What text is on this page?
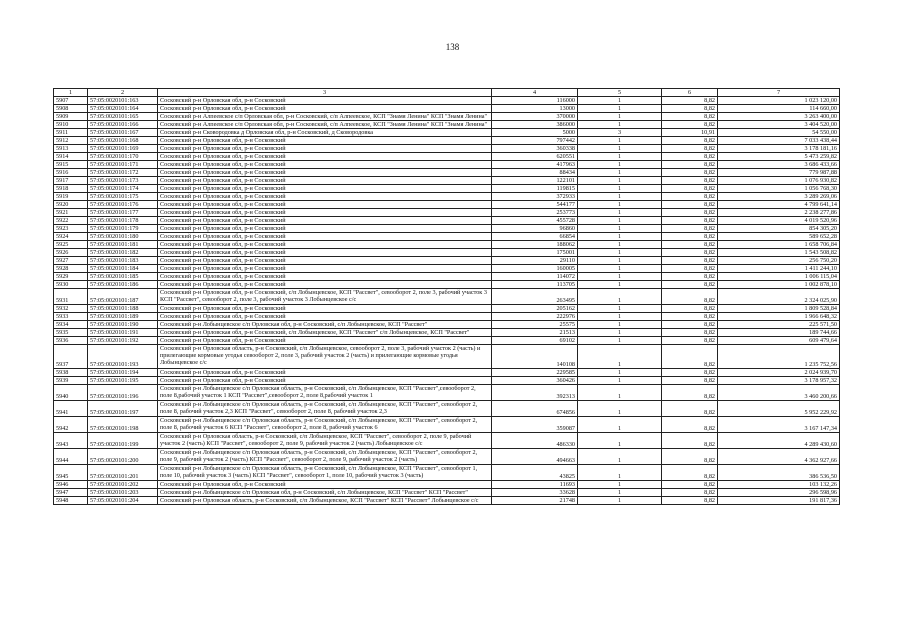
138
1	2	3	4	5	6	7
5907	57:05:0020101:163	Сосковский р-н Орловская обл, р-н Сосковский	116000	1	8,82	1 023 120,00
5908	57:05:0020101:164	Сосковский р-н Орловская обл, р-н Сосковский	13000	1	8,82	114 660,00
5909	57:05:0020101:165	Сосковский р-н Алпеевское с/п Орловская обл, р-н Сосковский, с/п Алпеевское, КСП "Знамя Ленина" КСП "Знамя Ленина"	370000	1	8,82	3 263 400,00
5910	57:05:0020101:166	Сосковский р-н Алпеевское с/п Орловская обл, р-н Сосковский, с/п Алпеевское, КСП "Знамя Ленина" КСП "Знамя Ленина"	386000	1	8,82	3 404 520,00
5911	57:05:0020101:167	Сосковский р-н Сковородовка д Орловская обл, р-н Сосковский, д Сковородовка	5000	3	10,91	54 550,00
5912	57:05:0020101:168	Сосковский р-н Орловская обл, р-н Сосковский	797442	1	8,82	7 033 438,44
5913	57:05:0020101:169	Сосковский р-н Орловская обл, р-н Сосковский	360338	1	8,82	3 178 181,16
5914	57:05:0020101:170	Сосковский р-н Орловская обл, р-н Сосковский	620551	1	8,82	5 473 259,82
5915	57:05:0020101:171	Сосковский р-н Орловская обл, р-н Сосковский	417963	1	8,82	3 686 433,66
5916	57:05:0020101:172	Сосковский р-н Орловская обл, р-н Сосковский	88434	1	8,82	779 987,88
5917	57:05:0020101:173	Сосковский р-н Орловская обл, р-н Сосковский	122101	1	8,82	1 076 930,82
5918	57:05:0020101:174	Сосковский р-н Орловская обл, р-н Сосковский	119815	1	8,82	1 056 768,30
5919	57:05:0020101:175	Сосковский р-н Орловская обл, р-н Сосковский	372933	1	8,82	3 289 269,06
5920	57:05:0020101:176	Сосковский р-н Орловская обл, р-н Сосковский	544177	1	8,82	4 799 641,14
5921	57:05:0020101:177	Сосковский р-н Орловская обл, р-н Сосковский	253773	1	8,82	2 238 277,86
5922	57:05:0020101:178	Сосковский р-н Орловская обл, р-н Сосковский	455728	1	8,82	4 019 520,96
5923	57:05:0020101:179	Сосковский р-н Орловская обл, р-н Сосковский	96860	1	8,82	854 305,20
5924	57:05:0020101:180	Сосковский р-н Орловская обл, р-н Сосковский	66854	1	8,82	589 652,28
5925	57:05:0020101:181	Сосковский р-н Орловская обл, р-н Сосковский	188062	1	8,82	1 658 706,84
5926	57:05:0020101:182	Сосковский р-н Орловская обл, р-н Сосковский	175001	1	8,82	1 543 508,82
5927	57:05:0020101:183	Сосковский р-н Орловская обл, р-н Сосковский	29110	1	8,82	256 750,20
5928	57:05:0020101:184	Сосковский р-н Орловская обл, р-н Сосковский	160005	1	8,82	1 411 244,10
5929	57:05:0020101:185	Сосковский р-н Орловская обл, р-н Сосковский	114072	1	8,82	1 006 115,04
5930	57:05:0020101:186	Сосковский р-н Орловская обл, р-н Сосковский	113705	1	8,82	1 002 878,10
5931	57:05:0020101:187	Сосковский р-н Орловская обл, р-н Сосковский, с/п Лобынцевское, КСП "Рассвет", севооборот 2, поле 3, рабочий участок 3 КСП "Рассвет", севооборот 2, поле 3, рабочий участок 3 Лобынцевское с/с	263495	1	8,82	2 324 025,90
5932	57:05:0020101:188	Сосковский р-н Орловская обл, р-н Сосковский	205162	1	8,82	1 809 528,84
5933	57:05:0020101:189	Сосковский р-н Орловская обл, р-н Сосковский	222976	1	8,82	1 966 648,32
5934	57:05:0020101:190	Сосковский р-н Лобынцевское с/п Орловская обл, р-н Сосковский, с/п Лобынцевское, КСП "Рассвет"	25575	1	8,82	225 571,50
5935	57:05:0020101:191	Сосковский р-н Орловская обл, р-н Сосковский, с/п Лобынцевское, КСП "Рассвет" с/п Лобынцевское, КСП "Рассвет"	21513	1	8,82	189 744,66
5936	57:05:0020101:192	Сосковский р-н Орловская обл, р-н Сосковский	69102	1	8,82	609 479,64
5937	57:05:0020101:193	Сосковский р-н Орловская область, р-н Сосковский, с/п Лобынцевское, севооборот 2, поле 3, рабочий участок 2 (часть) и прилегающие кормовые угодья севооборот 2, поле 3, рабочий участок 2 (часть) и прилегающие кормовые угодья Лобынцевское с/с	140108	1	8,82	1 235 752,56
5938	57:05:0020101:194	Сосковский р-н Орловская обл, р-н Сосковский	229585	1	8,82	2 024 939,70
5939	57:05:0020101:195	Сосковский р-н Орловская обл, р-н Сосковский	360426	1	8,82	3 178 957,32
5940	57:05:0020101:196	Сосковский р-н Лобынцевское с/п Орловская область, р-н Сосковский, с/п Лобынцевское, КСП "Рассвет",севооборот 2, поле 8,рабочий участок 1 КСП "Рассвет",севооборот 2, поле 8,рабочий участок 1	392313	1	8,82	3 460 200,66
5941	57:05:0020101:197	Сосковский р-н Лобынцевское с/п Орловская область, р-н Сосковский, с/п Лобынцевское, КСП "Рассвет", севооборот 2, поле 8, рабочий участок 2,3 КСП "Рассвет", севооборот 2, поле 8, рабочий участок 2,3	674856	1	8,82	5 952 229,92
5942	57:05:0020101:198	Сосковский р-н Лобынцевское с/п Орловская область, р-н Сосковский, с/п Лобынцевское, КСП "Рассвет", севооборот 2, поле 8, рабочий участок 6 КСП "Рассвет", севооборот 2, поле 8, рабочий участок 6	359087	1	8,82	3 167 147,34
5943	57:05:0020101:199	Сосковский р-н Орловская область, р-н Сосковский, с/п Лобынцевское, КСП "Рассвет", севооборот 2, поле 9, рабочий участок 2 (часть) КСП "Рассвет", севооборот 2, поле 9, рабочий участок 2 (часть) Лобынцевское с/с	486330	1	8,82	4 289 430,60
5944	57:05:0020101:200	Сосковский р-н Лобынцевское с/п Орловская область, р-н Сосковский, с/п Лобынцевское, КСП "Рассвет", севооборот 2, поле 9, рабочий участок 2 (часть) КСП "Рассвет", севооборот 2, поле 9, рабочий участок 2 (часть)	494663	1	8,82	4 362 927,66
5945	57:05:0020101:201	Сосковский р-н Лобынцевское с/п Орловская область, р-н Сосковский, с/п Лобынцевское, КСП "Рассвет", севооборот 1, поле 10, рабочий участок 3 (часть) КСП "Рассвет", севооборот 1, поле 10, рабочий участок 3 (часть)	43825	1	8,82	386 536,50
5946	57:05:0020101:202	Сосковский р-н Орловская обл, р-н Сосковский	11693	1	8,82	103 132,26
5947	57:05:0020101:203	Сосковский р-н Лобынцевское с/п Орловская обл, р-н Сосковский, с/п Лобынцевское, КСП "Рассвет" КСП "Рассвет"	33628	1	8,82	296 598,96
5948	57:05:0020101:204	Сосковский р-н Орловская область, р-н Сосковский, с/п Лобынцевское, КСП "Рассвет" КСП "Рассвет" Лобынцевское с/с	21748	1	8,82	191 817,36
